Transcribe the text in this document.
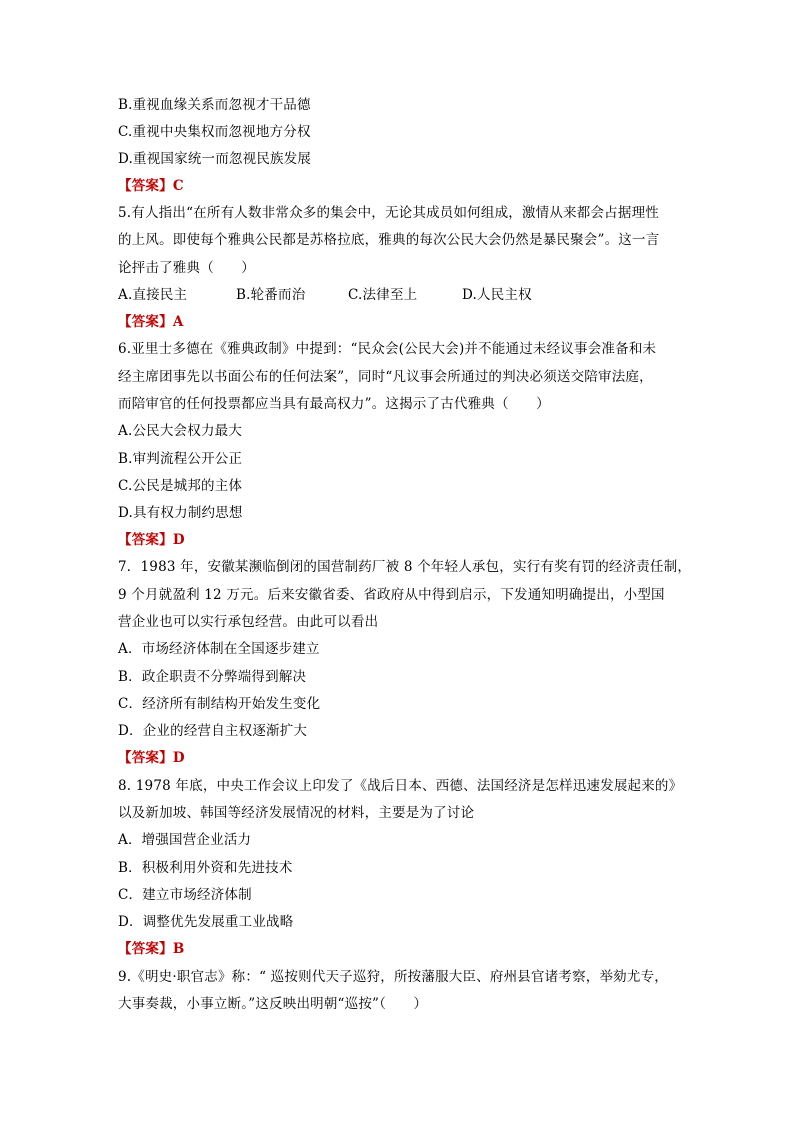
B.重视血缘关系而忽视才干品德
C.重视中央集权而忽视地方分权
D.重视国家统一而忽视民族发展
【答案】C
5.有人指出“在所有人数非常众多的集会中，无论其成员如何组成，激情从来都会占据理性
的上风。即使每个雅典公民都是苏格拉底，雅典的每次公民大会仍然是暴民聚会”。这一言
论抨击了雅典（　　）
A.直接民主	B.轮番而治	C.法律至上	D.人民主权
【答案】A
6.亚里士多德在《雅典政制》中提到：“民众会(公民大会)并不能通过未经议事会准备和未
经主席团事先以书面公布的任何法案”，同时“凡议事会所通过的判决必须送交陪审法庭，
而陪审官的任何投票都应当具有最高权力”。这揭示了古代雅典（　　）
A.公民大会权力最大
B.审判流程公开公正
C.公民是城邦的主体
D.具有权力制约思想
【答案】D
7．1983 年，安徽某濒临倒闭的国营制药厂被 8 个年轻人承包，实行有奖有罚的经济责任制，
9 个月就盈利 12 万元。后来安徽省委、省政府从中得到启示，下发通知明确提出，小型国
营企业也可以实行承包经营。由此可以看出
A．市场经济体制在全国逐步建立
B．政企职责不分弊端得到解决
C．经济所有制结构开始发生变化
D．企业的经营自主权逐渐扩大
【答案】D
8. 1978 年底，中央工作会议上印发了《战后日本、西德、法国经济是怎样迅速发展起来的》
以及新加坡、韩国等经济发展情况的材料，主要是为了讨论
A．增强国营企业活力
B．积极利用外资和先进技术
C．建立市场经济体制
D．调整优先发展重工业战略
【答案】B
9.《明史·职官志》称：“ 巡按则代天子巡狩，所按藩服大臣、府州县官诸考察，举劾尤专，
大事奏裁，小事立断。”这反映出明朝“巡按”（　　）
